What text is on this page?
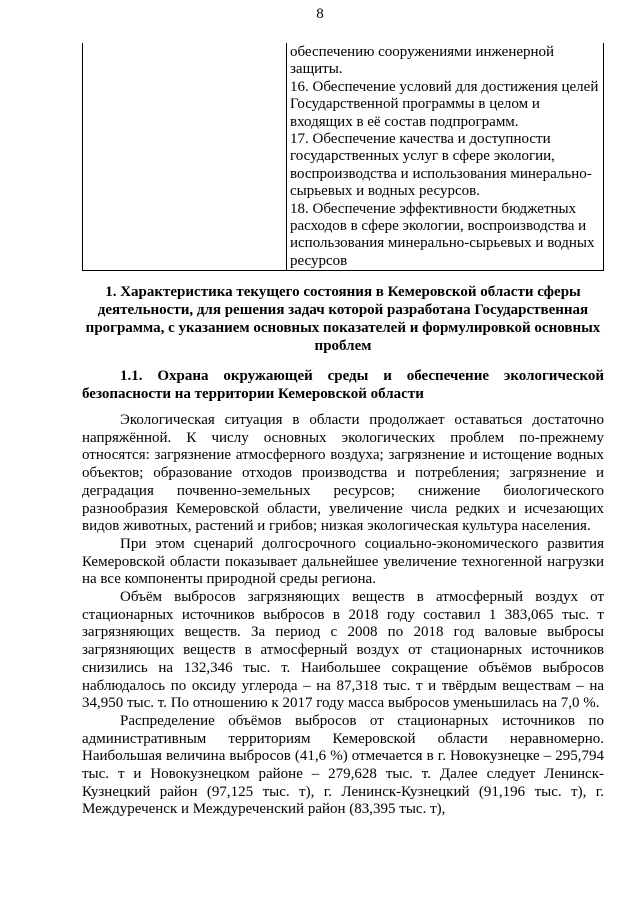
8

обеспечению сооружениями инженерной защиты.

16. Обеспечение условий для достижения целей Государственной программы в целом и входящих в её состав подпрограмм.

17. Обеспечение качества и доступности государственных услуг в сфере экологии, воспроизводства и использования минерально-сырьевых и водных ресурсов.

18. Обеспечение эффективности бюджетных расходов в сфере экологии, воспроизводства и использования минерально-сырьевых и водных ресурсов

1. Характеристика текущего состояния в Кемеровской области сферы деятельности, для решения задач которой разработана Государственная программа, с указанием основных показателей и формулировкой основных проблем
1.1. Охрана окружающей среды и обеспечение экологической безопасности на территории Кемеровской области

Экологическая ситуация в области продолжает оставаться достаточно напряжённой. К числу основных экологических проблем по-прежнему относятся: загрязнение атмосферного воздуха; загрязнение и истощение водных объектов; образование отходов производства и потребления; загрязнение и деградация почвенно-земельных ресурсов; снижение биологического разнообразия Кемеровской области, увеличение числа редких и исчезающих видов животных, растений и грибов; низкая экологическая культура населения.

При этом сценарий долгосрочного социально-экономического развития Кемеровской области показывает дальнейшее увеличение техногенной нагрузки на все компоненты природной среды региона.

Объём выбросов загрязняющих веществ в атмосферный воздух от стационарных источников выбросов в 2018 году составил 1 383,065 тыс. т загрязняющих веществ. За период с 2008 по 2018 год валовые выбросы загрязняющих веществ в атмосферный воздух от стационарных источников снизились на 132,346 тыс. т. Наибольшее сокращение объёмов выбросов наблюдалось по оксиду углерода – на 87,318 тыс. т и твёрдым веществам – на 34,950 тыс. т. По отношению к 2017 году масса выбросов уменьшилась на 7,0 %.

Распределение объёмов выбросов от стационарных источников по административным территориям Кемеровской области неравномерно. Наибольшая величина выбросов (41,6 %) отмечается в г. Новокузнецке – 295,794 тыс. т и Новокузнецком районе – 279,628 тыс. т. Далее следует Ленинск-Кузнецкий район (97,125 тыс. т), г. Ленинск-Кузнецкий (91,196 тыс. т), г. Междуреченск и Междуреченский район (83,395 тыс. т),
